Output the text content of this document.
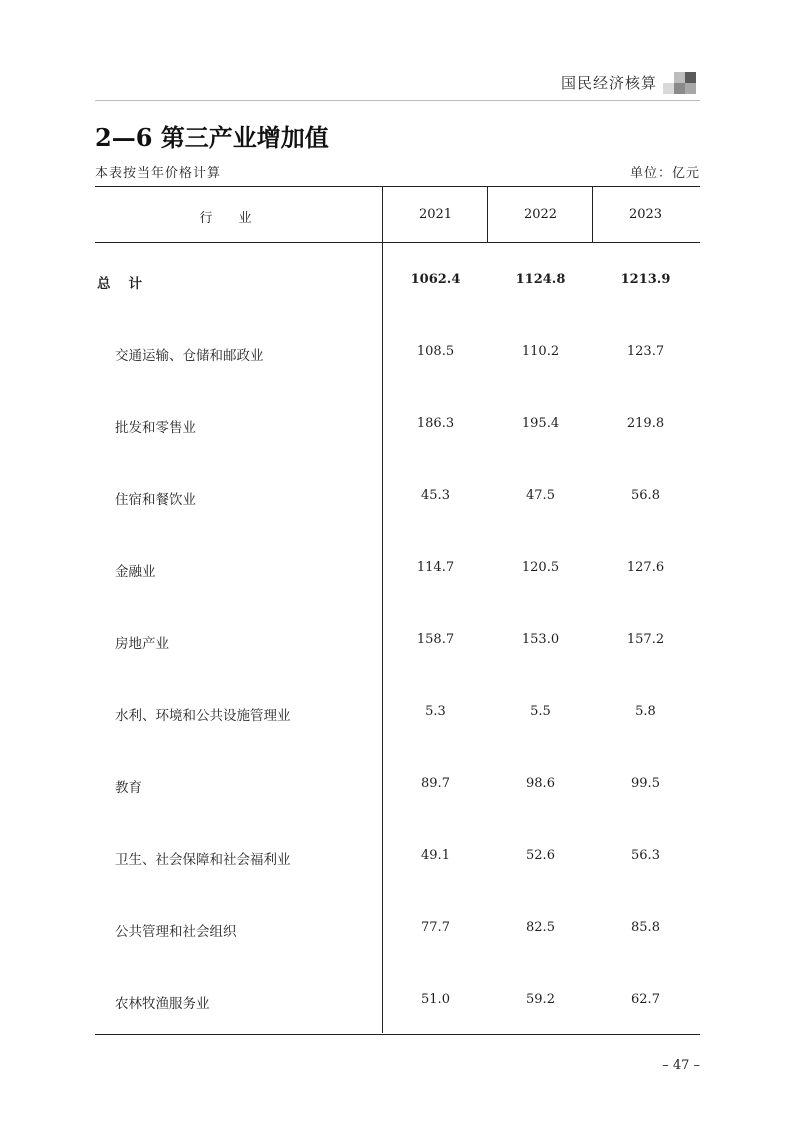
国民经济核算
2—6 第三产业增加值
本表按当年价格计算	单位：亿元
行业	2021	2022	2023
总计	1062.4	1124.8	1213.9
交通运输、仓储和邮政业	108.5	110.2	123.7
批发和零售业	186.3	195.4	219.8
住宿和餐饮业	45.3	47.5	56.8
金融业	114.7	120.5	127.6
房地产业	158.7	153.0	157.2
水利、环境和公共设施管理业	5.3	5.5	5.8
教育	89.7	98.6	99.5
卫生、社会保障和社会福利业	49.1	52.6	56.3
公共管理和社会组织	77.7	82.5	85.8
农林牧渔服务业	51.0	59.2	62.7
– 47 –
